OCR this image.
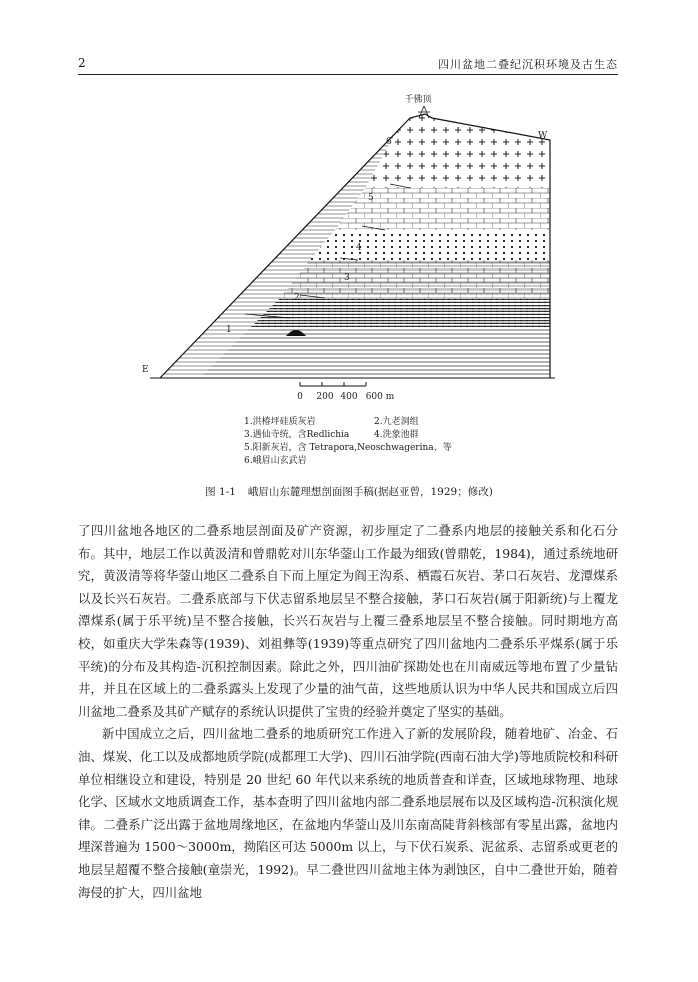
2	四川盆地二叠纪沉积环境及古生态
千佛顶
W
E
6
5
4
3
2
1
0 200 400 600 m
1.洪椿坪硅质灰岩	2.九老洞组
3.遇仙寺统，含Redlichia	4.洗象池群
5.阳新灰岩，含 Tetrapora,Neoschwagerina、等
6.峨眉山玄武岩
图 1-1 峨眉山东麓理想剖面图手稿(据赵亚曾，1929；修改)

了四川盆地各地区的二叠系地层剖面及矿产资源，初步厘定了二叠系内地层的接触关系和化石分布。其中，地层工作以黄汲清和曾鼎乾对川东华蓥山工作最为细致(曾鼎乾，1984)，通过系统地研究，黄汲清等将华蓥山地区二叠系自下而上厘定为阎王沟系、栖霞石灰岩、茅口石灰岩、龙潭煤系以及长兴石灰岩。二叠系底部与下伏志留系地层呈不整合接触，茅口石灰岩(属于阳新统)与上覆龙潭煤系(属于乐平统)呈不整合接触，长兴石灰岩与上覆三叠系地层呈不整合接触。同时期地方高校，如重庆大学朱森等(1939)、刘祖彝等(1939)等重点研究了四川盆地内二叠系乐平煤系(属于乐平统)的分布及其构造-沉积控制因素。除此之外，四川油矿探勘处也在川南威远等地布置了少量钻井，并且在区域上的二叠系露头上发现了少量的油气苗，这些地质认识为中华人民共和国成立后四川盆地二叠系及其矿产赋存的系统认识提供了宝贵的经验并奠定了坚实的基础。

新中国成立之后，四川盆地二叠系的地质研究工作进入了新的发展阶段，随着地矿、冶金、石油、煤炭、化工以及成都地质学院(成都理工大学)、四川石油学院(西南石油大学)等地质院校和科研单位相继设立和建设，特别是 20 世纪 60 年代以来系统的地质普查和详查，区域地球物理、地球化学、区域水文地质调查工作，基本查明了四川盆地内部二叠系地层展布以及区域构造-沉积演化规律。二叠系广泛出露于盆地周缘地区，在盆地内华蓥山及川东南高陡背斜核部有零星出露，盆地内埋深普遍为 1500～3000m，拗陷区可达 5000m 以上，与下伏石炭系、泥盆系、志留系或更老的地层呈超覆不整合接触(童崇光，1992)。早二叠世四川盆地主体为剥蚀区，自中二叠世开始，随着海侵的扩大，四川盆地
